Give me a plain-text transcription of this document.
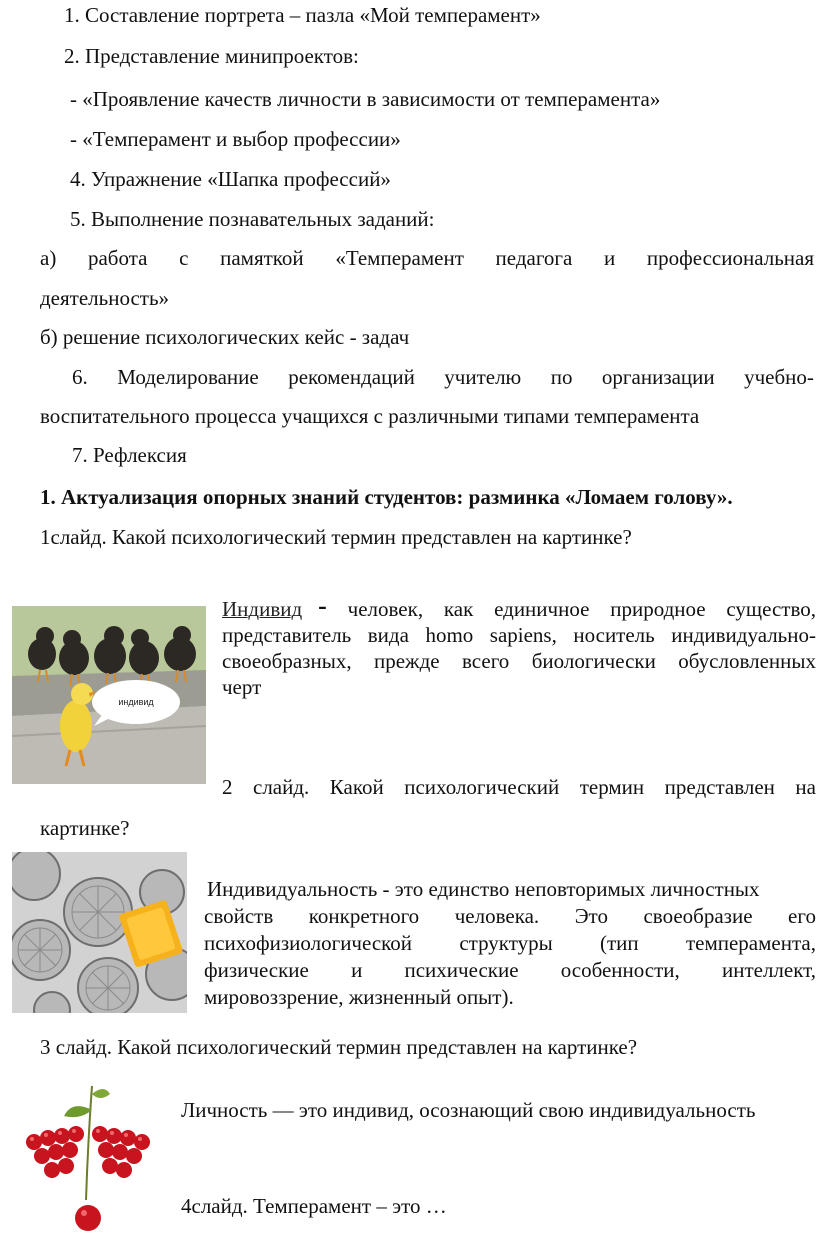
1. Составление портрета – пазла «Мой темперамент»
2. Представление минипроектов:
- «Проявление качеств личности в зависимости от темперамента»
- «Темперамент и выбор профессии»
4. Упражнение «Шапка профессий»
5. Выполнение познавательных заданий:
а) работа с памяткой «Темперамент педагога и профессиональная
деятельность»
б) решение психологических кейс - задач
6. Моделирование рекомендаций учителю по организации учебно-
воспитательного процесса учащихся с различными типами темперамента
7. Рефлексия
1. Актуализация опорных знаний студентов: разминка «Ломаем голову».
1слайд. Какой психологический термин представлен на картинке?
индивид
Индивид - человек, как единичное природное существо,
представитель вида homo sapiens, носитель индивидуально-
своеобразных, прежде всего биологически обусловленных
черт
2 слайд. Какой психологический термин представлен на
картинке?
Индивидуальность - это единство неповторимых личностных
свойств конкретного человека. Это своеобразие его
психофизиологической структуры (тип темперамента,
физические и психические особенности, интеллект,
мировоззрение, жизненный опыт).
3 слайд. Какой психологический термин представлен на картинке?
Личность — это индивид, осознающий свою индивидуальность
4слайд. Темперамент – это …
